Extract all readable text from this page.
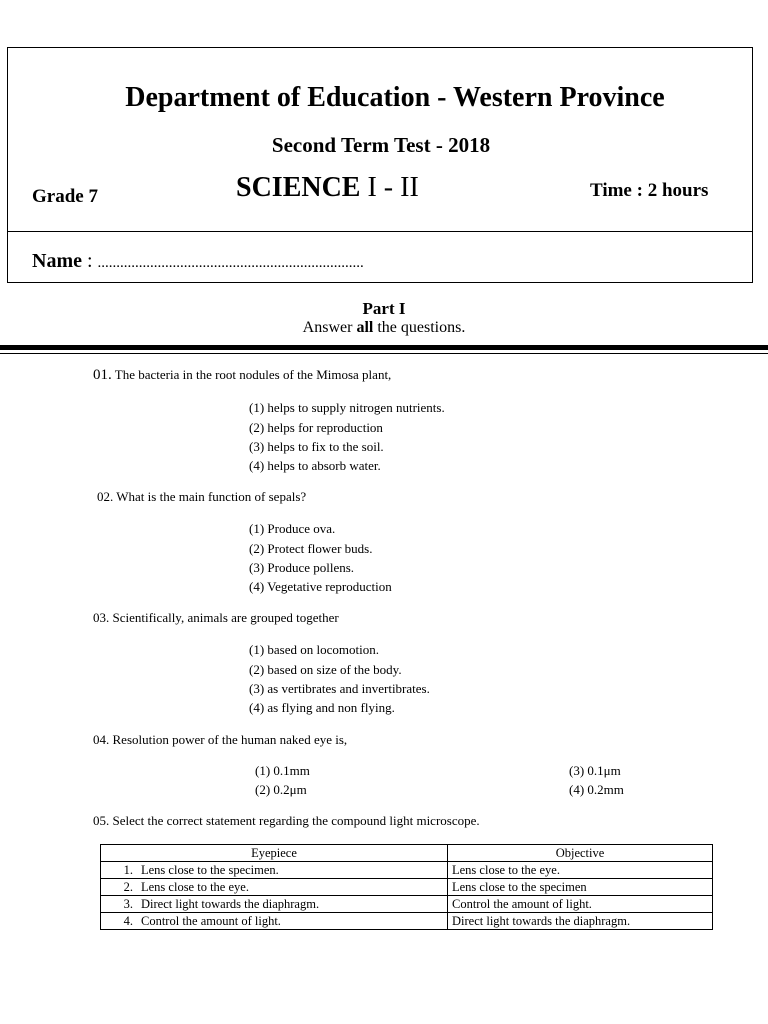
Department of Education - Western Province
Second Term Test - 2018
Grade 7	SCIENCE I - II	Time : 2 hours
Name : .......................................................................
Part I
Answer all the questions.
01. The bacteria in the root nodules of the Mimosa plant,
(1) helps to supply nitrogen nutrients.
(2) helps for reproduction
(3) helps to fix to the soil.
(4) helps to absorb water.
02. What is the main function of sepals?
(1) Produce ova.
(2) Protect flower buds.
(3) Produce pollens.
(4) Vegetative reproduction
03. Scientifically, animals are grouped together
(1) based on locomotion.
(2) based on size of the body.
(3) as vertibrates and invertibrates.
(4) as flying and non flying.
04. Resolution power of the human naked eye is,
(1) 0.1mm
(2) 0.2μm
(3) 0.1μm
(4) 0.2mm
05. Select the correct statement regarding the compound light microscope.
Eyepiece	Objective
1. Lens close to the specimen.	Lens close to the eye.
2. Lens close to the eye.	Lens close to the specimen
3. Direct light towards the diaphragm.	Control the amount of light.
4. Control the amount of light.	Direct light towards the diaphragm.
